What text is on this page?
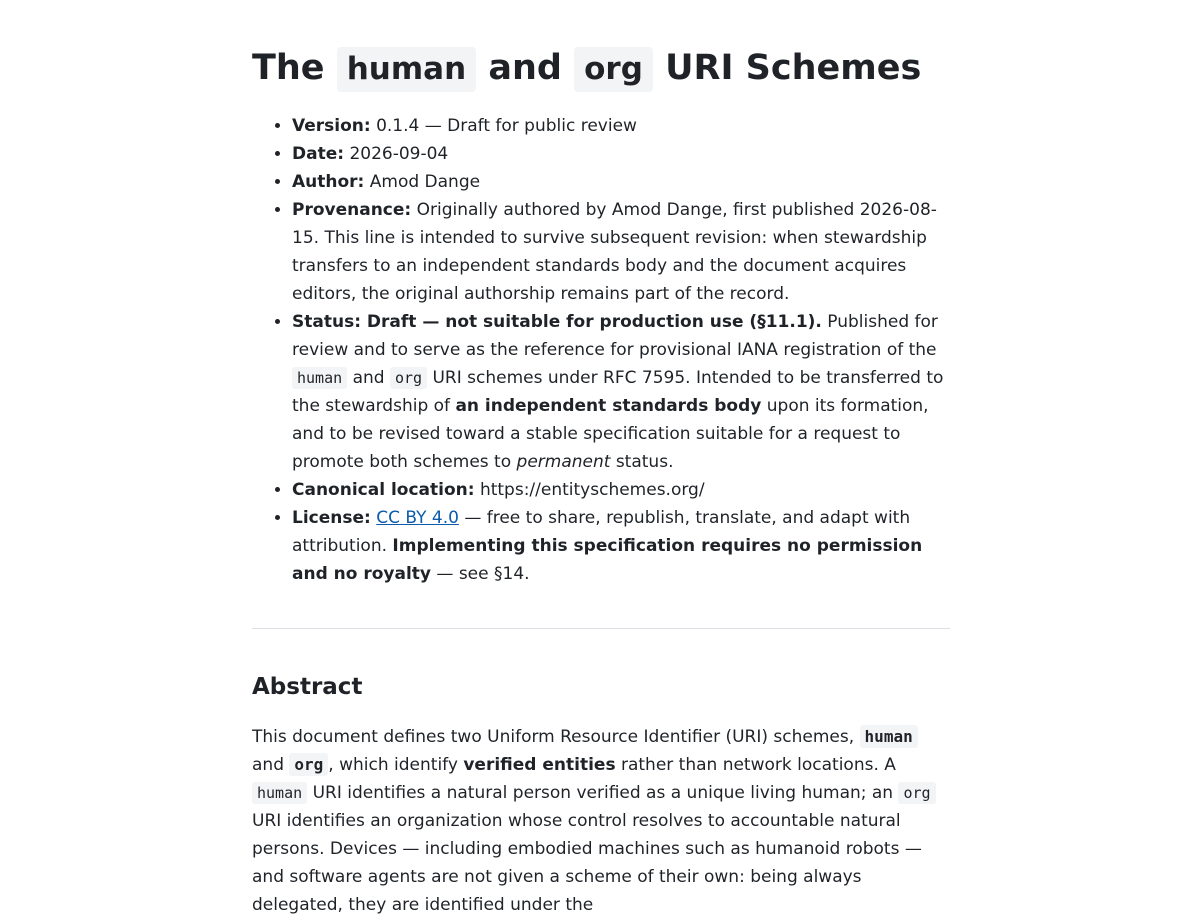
The human and org URI Schemes
• Version: 0.1.4 — Draft for public review
• Date: 2026-09-04
• Author: Amod Dange
• Provenance: Originally authored by Amod Dange, first published 2026-08-15. This line is intended to survive subsequent revision: when stewardship transfers to an independent standards body and the document acquires editors, the original authorship remains part of the record.
• Status: Draft — not suitable for production use (§11.1). Published for review and to serve as the reference for provisional IANA registration of the human and org URI schemes under RFC 7595. Intended to be transferred to the stewardship of an independent standards body upon its formation, and to be revised toward a stable specification suitable for a request to promote both schemes to permanent status.
• Canonical location: https://entityschemes.org/
• License: CC BY 4.0 — free to share, republish, translate, and adapt with attribution. Implementing this specification requires no permission and no royalty — see §14.
Abstract

This document defines two Uniform Resource Identifier (URI) schemes, human and org , which identify verified entities rather than network locations. A human URI identifies a natural person verified as a unique living human; an org URI identifies an organization whose control resolves to accountable natural persons. Devices — including embodied machines such as humanoid robots — and software agents are not given a scheme of their own: being always delegated, they are identified under the
